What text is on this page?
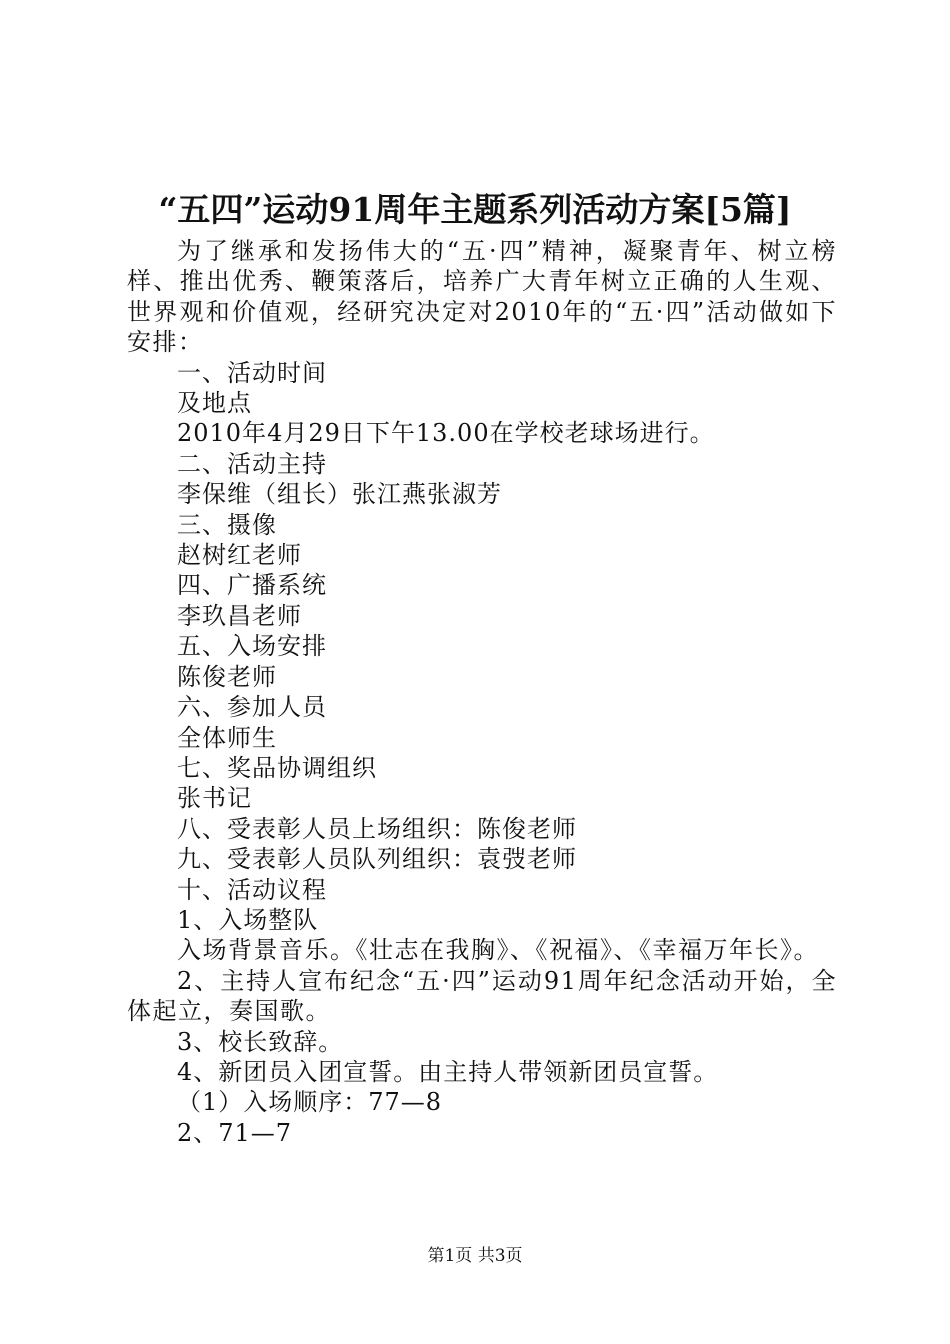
“五四”运动91周年主题系列活动方案[5篇]

为了继承和发扬伟大的“五·四”精神，凝聚青年、树立榜样、推出优秀、鞭策落后，培养广大青年树立正确的人生观、世界观和价值观，经研究决定对2010年的“五·四”活动做如下安排：

一、活动时间

及地点

2010年4月29日下午13.00在学校老球场进行。

二、活动主持

李保维（组长）张江燕张淑芳

三、摄像

赵树红老师

四、广播系统

李玖昌老师

五、入场安排

陈俊老师

六、参加人员

全体师生

七、奖品协调组织

张书记

八、受表彰人员上场组织：陈俊老师

九、受表彰人员队列组织：袁弢老师

十、活动议程

1、入场整队

入场背景音乐。《壮志在我胸》、《祝福》、《幸福万年长》。

2、主持人宣布纪念“五·四”运动91周年纪念活动开始，全体起立，奏国歌。

3、校长致辞。

4、新团员入团宣誓。由主持人带领新团员宣誓。

（1）入场顺序：77—8

2、71—7

第1页 共3页
